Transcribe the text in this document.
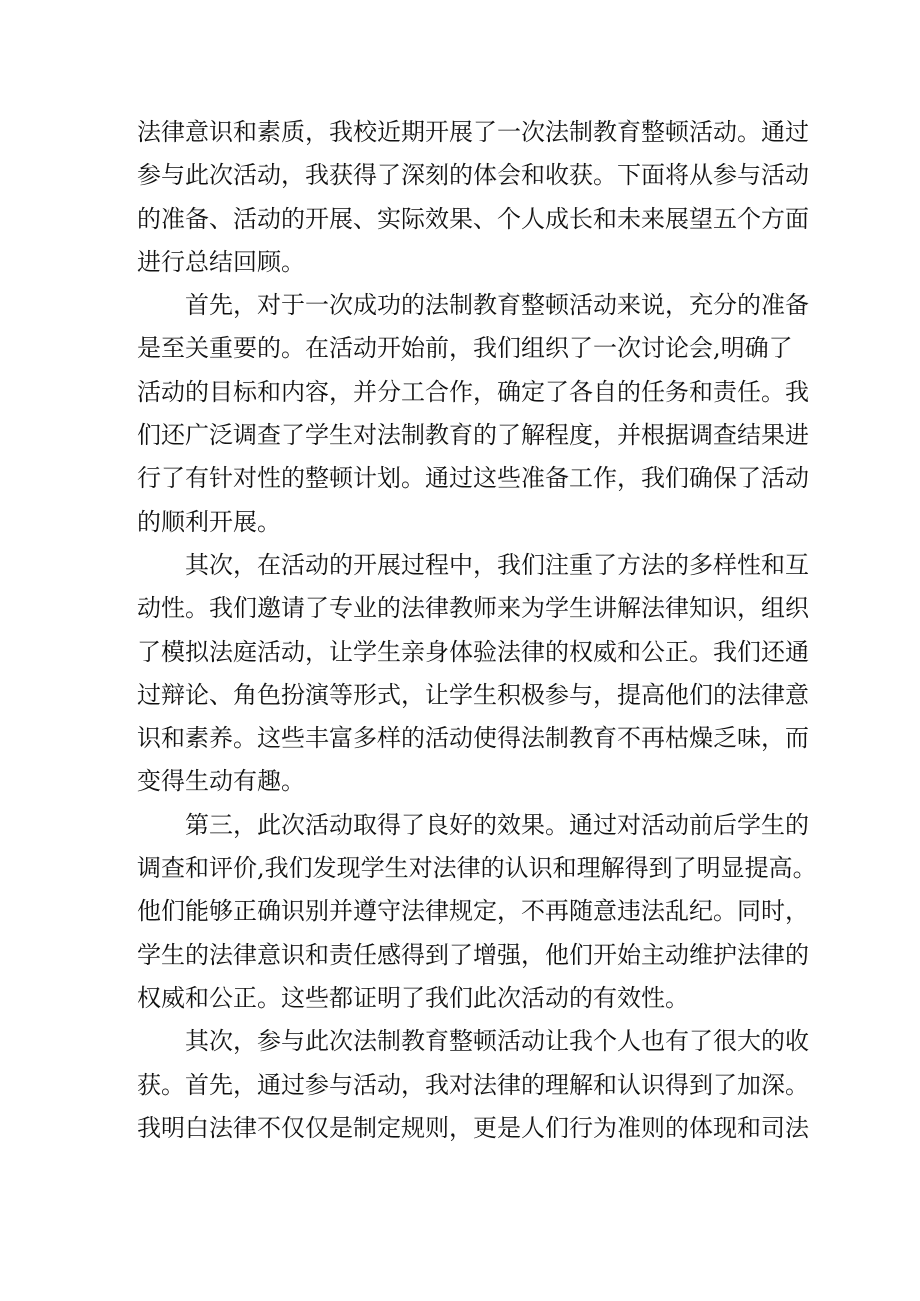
法律意识和素质，我校近期开展了一次法制教育整顿活动。通过
参与此次活动，我获得了深刻的体会和收获。下面将从参与活动
的准备、活动的开展、实际效果、个人成长和未来展望五个方面
进行总结回顾。
首先，对于一次成功的法制教育整顿活动来说，充分的准备
是至关重要的。在活动开始前，我们组织了一次讨论会,明确了
活动的目标和内容，并分工合作，确定了各自的任务和责任。我
们还广泛调查了学生对法制教育的了解程度，并根据调查结果进
行了有针对性的整顿计划。通过这些准备工作，我们确保了活动
的顺利开展。
其次，在活动的开展过程中，我们注重了方法的多样性和互
动性。我们邀请了专业的法律教师来为学生讲解法律知识，组织
了模拟法庭活动，让学生亲身体验法律的权威和公正。我们还通
过辩论、角色扮演等形式，让学生积极参与，提高他们的法律意
识和素养。这些丰富多样的活动使得法制教育不再枯燥乏味，而
变得生动有趣。
第三，此次活动取得了良好的效果。通过对活动前后学生的
调查和评价,我们发现学生对法律的认识和理解得到了明显提高。
他们能够正确识别并遵守法律规定，不再随意违法乱纪。同时，
学生的法律意识和责任感得到了增强，他们开始主动维护法律的
权威和公正。这些都证明了我们此次活动的有效性。
其次，参与此次法制教育整顿活动让我个人也有了很大的收
获。首先，通过参与活动，我对法律的理解和认识得到了加深。
我明白法律不仅仅是制定规则，更是人们行为准则的体现和司法
